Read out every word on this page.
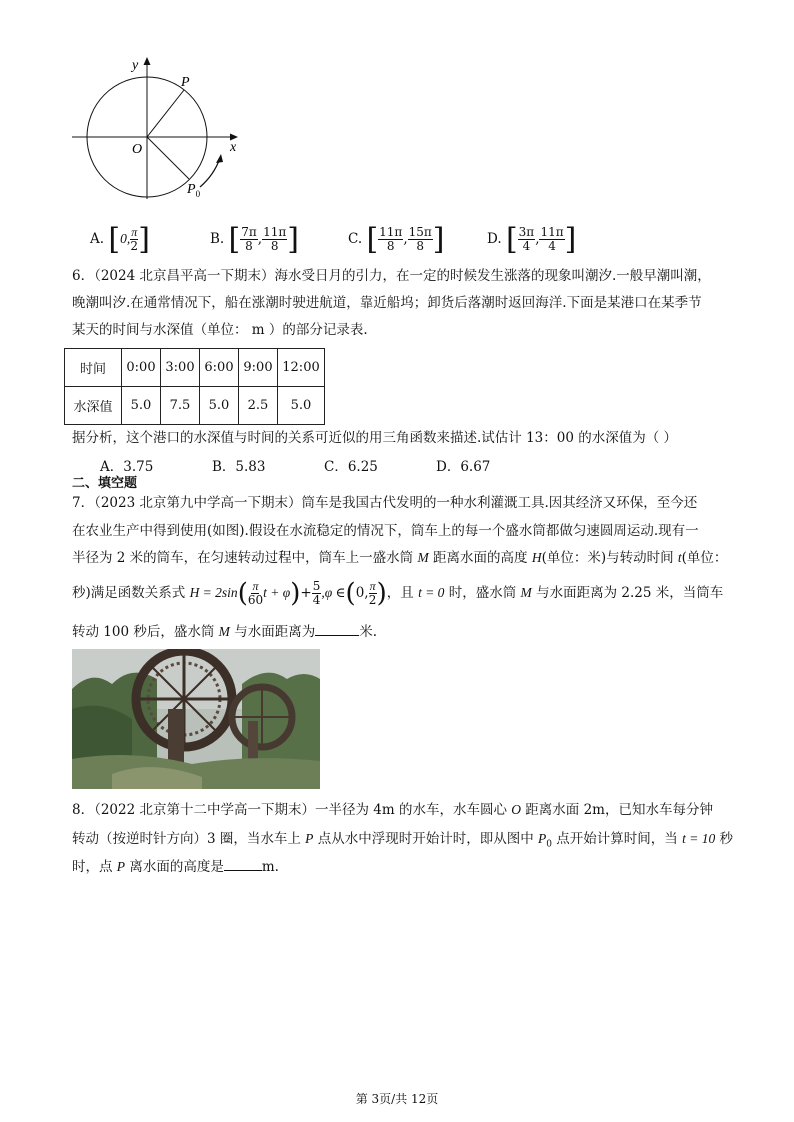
y
x
O
P
$P_0$
A. [0, $\frac{\pi}{2}$ ]	B. [ $\frac{7\pi}{8}$ , $\frac{11\pi}{8}$ ]	C. [ $\frac{11\pi}{8}$ , $\frac{15\pi}{8}$ ]	D. [ $\frac{3\pi}{4}$ , $\frac{11\pi}{4}$ ]
6．（2024 北京昌平高一下期末）海水受日月的引力，在一定的时候发生涨落的现象叫潮汐.一般早潮叫潮，
晚潮叫汐.在通常情况下，船在涨潮时驶进航道，靠近船坞；卸货后落潮时返回海洋.下面是某港口在某季节
某天的时间与水深值（单位： m ）的部分记录表.
时间	0:00	3:00	6:00	9:00	12:00
水深值	5.0	7.5	5.0	2.5	5.0
据分析，这个港口的水深值与时间的关系可近似的用三角函数来描述.试估计 13：00 的水深值为（ ）
A．3.75	B．5.83	C．6.25	D．6.67
二、填空题
7．（2023 北京第九中学高一下期末）筒车是我国古代发明的一种水利灌溉工具.因其经济又环保，至今还
在农业生产中得到使用(如图).假设在水流稳定的情况下，筒车上的每一个盛水筒都做匀速圆周运动.现有一
半径为 2 米的筒车，在匀速转动过程中，筒车上一盛水筒 M 距离水面的高度 H(单位：米)与转动时间 t(单位：
秒)满足函数关系式 $H = 2\sin( \frac{\pi}{60}$ $t + \varphi)+ \frac{5}{4} ,\varphi$ ∈(0, $\frac{\pi}{2}$ )，且 t = 0 时，盛水筒 M 与水面距离为 2.25 米，当筒车
转动 100 秒后，盛水筒 M 与水面距离为	米.
8．（2022 北京第十二中学高一下期末）一半径为 4m 的水车，水车圆心 O 距离水面 2m，已知水车每分钟
转动（按逆时针方向）3 圈，当水车上 P 点从水中浮现时开始计时，即从图中 $P_0$ 点开始计算时间，当 t = 10 秒
时，点 P 离水面的高度是	m.
第 3页/共 12页
